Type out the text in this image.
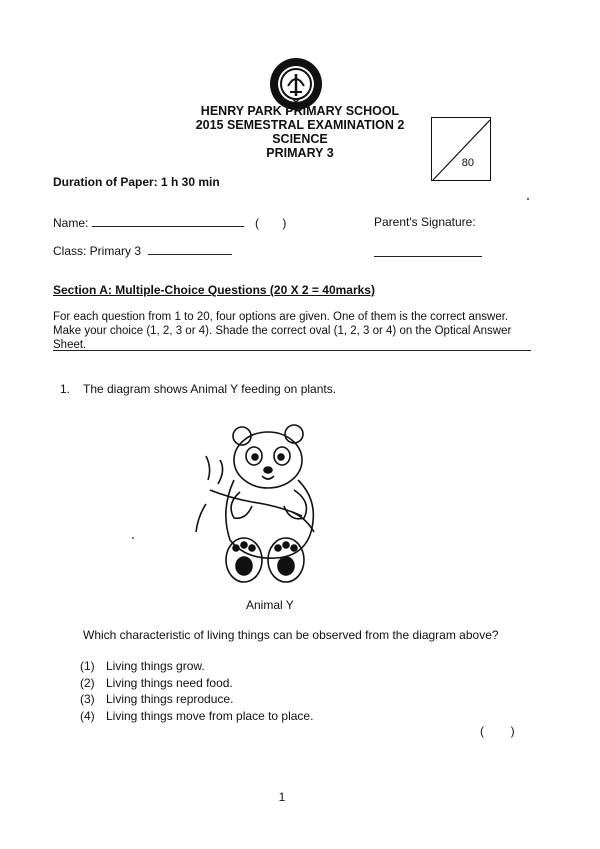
HENRY PARK PRIMARY SCHOOL
2015 SEMESTRAL EXAMINATION 2
SCIENCE
PRIMARY 3
80
Duration of Paper: 1 h 30 min
Name:	( )	Parent's Signature:
Class: Primary 3
Section A: Multiple-Choice Questions (20 X 2 = 40marks)
For each question from 1 to 20, four options are given. One of them is the correct answer. Make your choice (1, 2, 3 or 4). Shade the correct oval (1, 2, 3 or 4) on the Optical Answer Sheet.
1. The diagram shows Animal Y feeding on plants.
Animal Y
Which characteristic of living things can be observed from the diagram above?
(1) Living things grow.
(2) Living things need food.
(3) Living things reproduce.
(4) Living things move from place to place.
(        )
1
